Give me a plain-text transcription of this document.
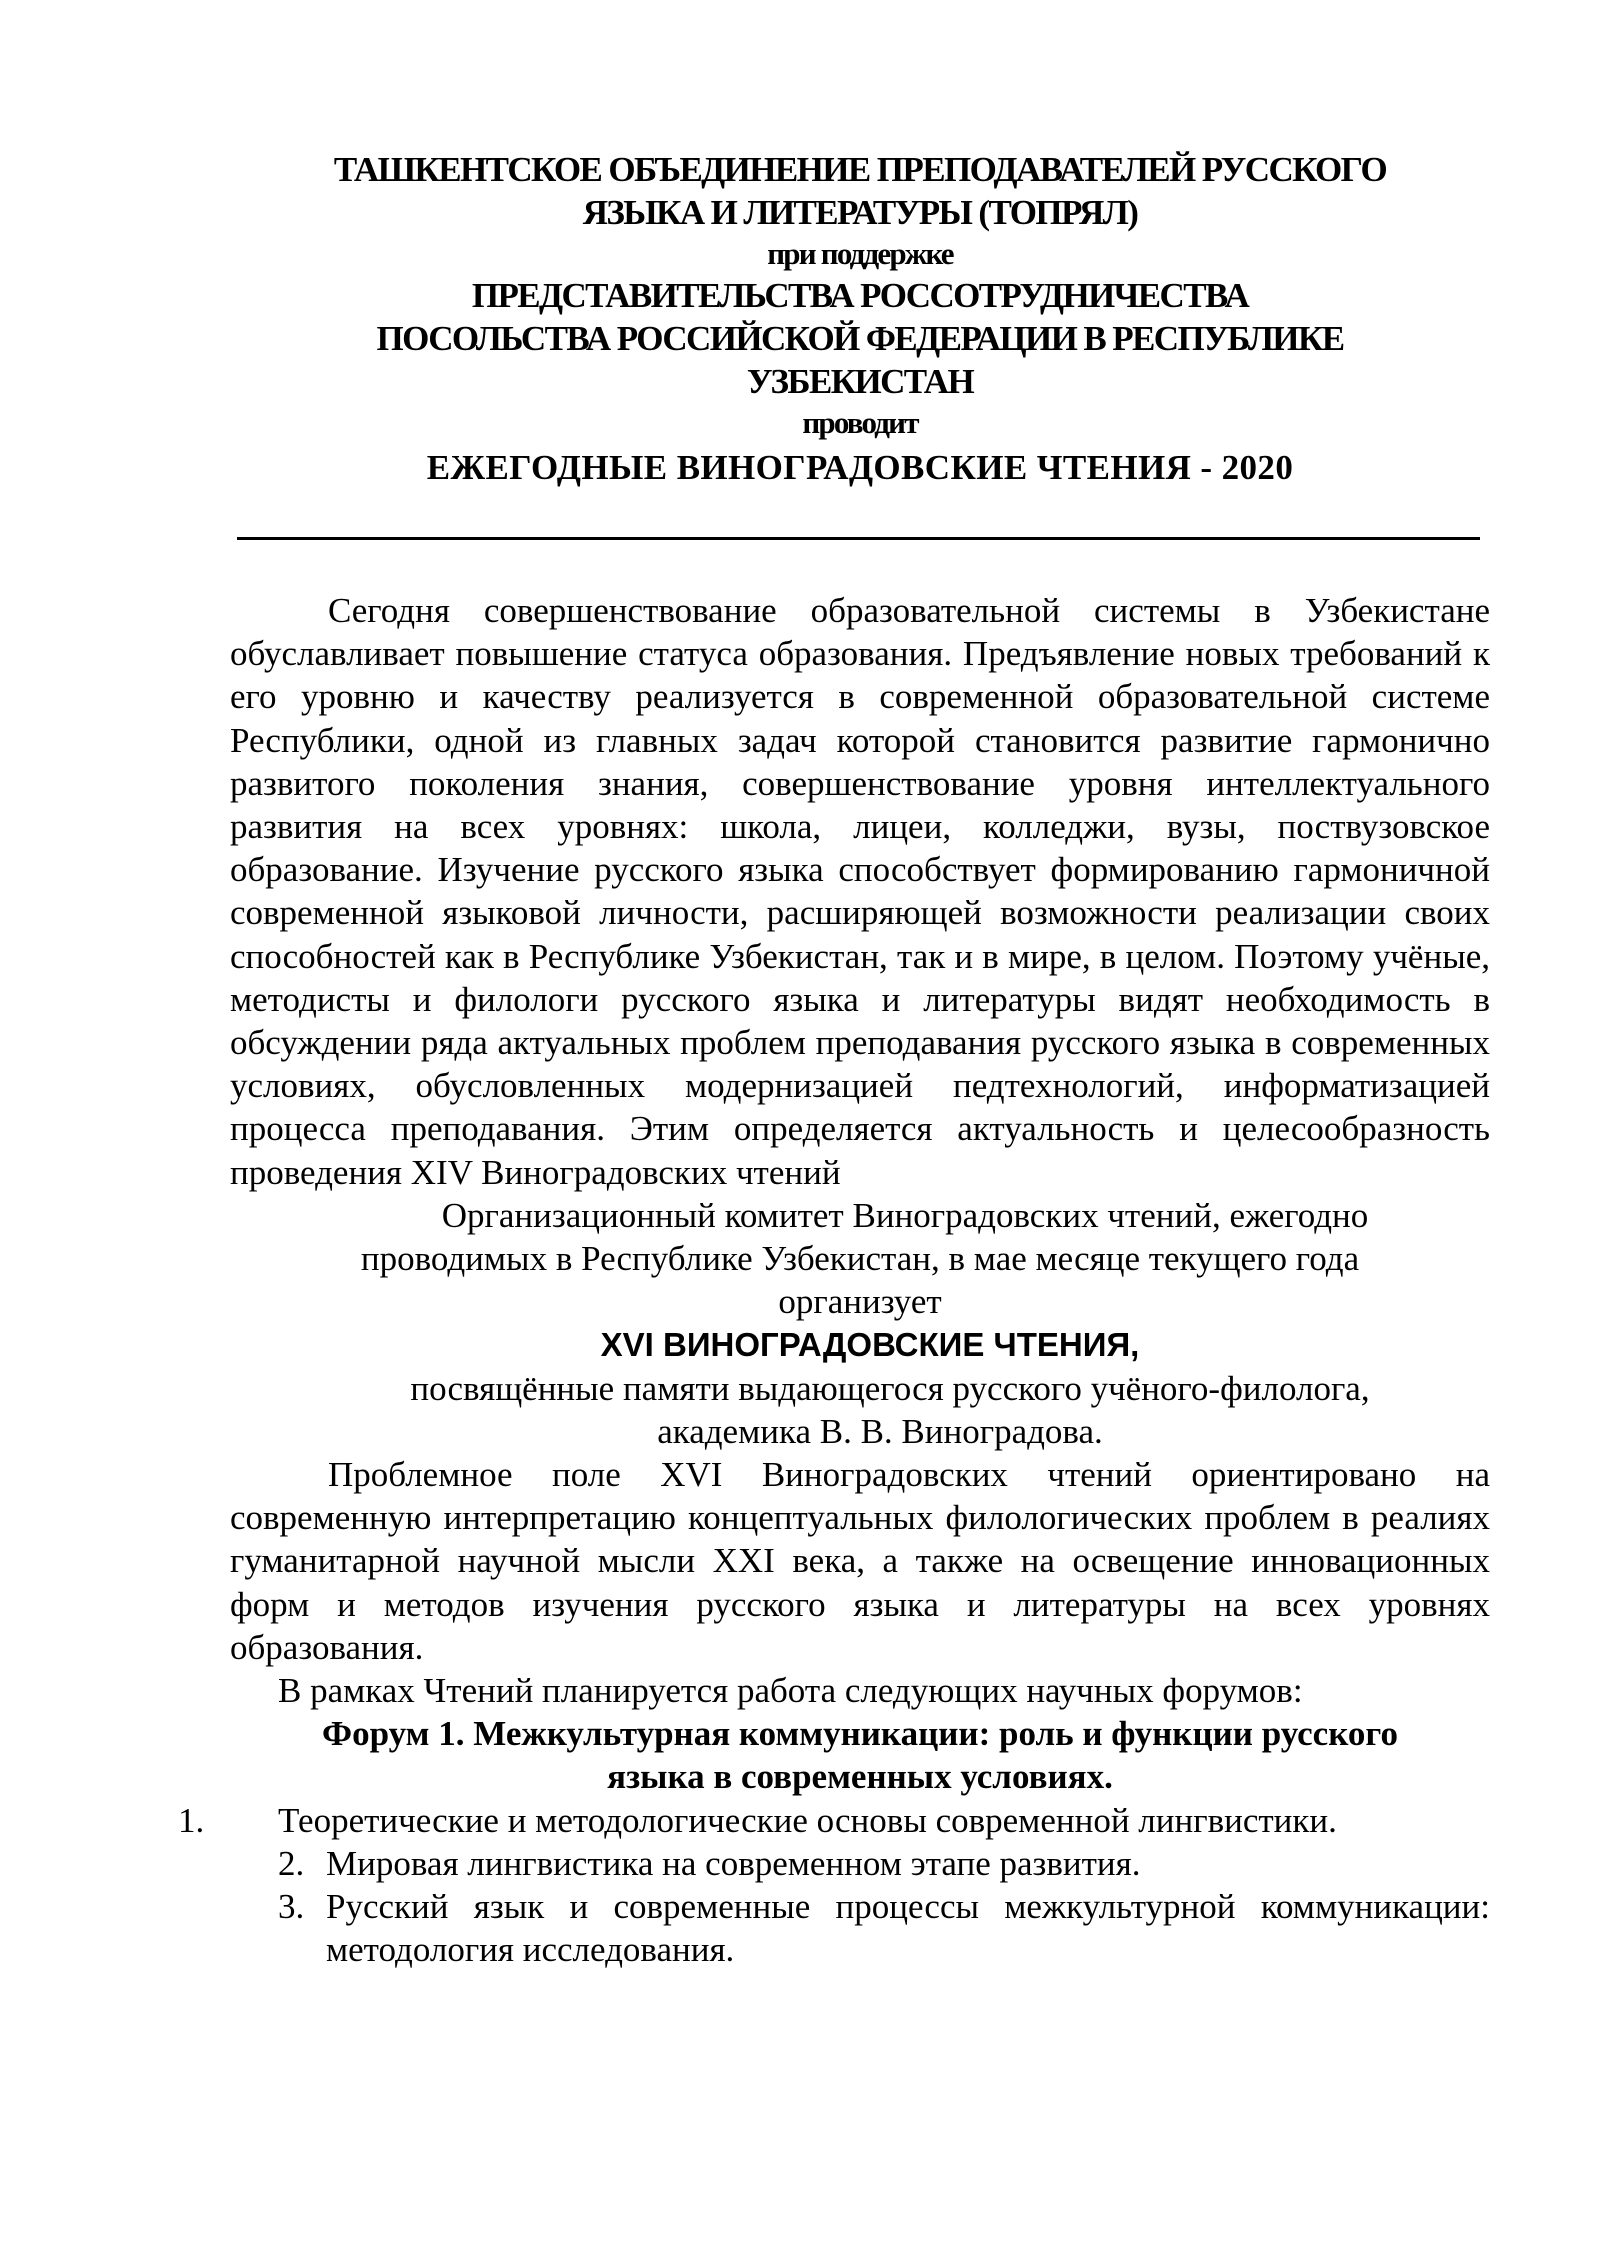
ТАШКЕНТСКОЕ ОБЪЕДИНЕНИЕ ПРЕПОДАВАТЕЛЕЙ РУССКОГО
ЯЗЫКА И ЛИТЕРАТУРЫ (ТОПРЯЛ)
при поддержке
ПРЕДСТАВИТЕЛЬСТВА РОССОТРУДНИЧЕСТВА
ПОСОЛЬСТВА РОССИЙСКОЙ ФЕДЕРАЦИИ В РЕСПУБЛИКЕ
УЗБЕКИСТАН
проводит
ЕЖЕГОДНЫЕ ВИНОГРАДОВСКИЕ ЧТЕНИЯ - 2020

Сегодня совершенствование образовательной системы в Узбекистане обуславливает повышение статуса образования. Предъявление новых требований к его уровню и качеству реализуется в современной образовательной системе Республики, одной из главных задач которой становится развитие гармонично развитого поколения знания, совершенствование уровня интеллектуального развития на всех уровнях: школа, лицеи, колледжи, вузы, поствузовское образование. Изучение русского языка способствует формированию гармоничной современной языковой личности, расширяющей возможности реализации своих способностей как в Республике Узбекистан, так и в мире, в целом. Поэтому учёные, методисты и филологи русского языка и литературы видят необходимость в обсуждении ряда актуальных проблем преподавания русского языка в современных условиях, обусловленных модернизацией педтехнологий, информатизацией процесса преподавания. Этим определяется актуальность и целесообразность проведения XIV Виноградовских чтений

Организационный комитет Виноградовских чтений, ежегодно

проводимых в Республике Узбекистан, в мае месяце текущего года

организует

XVI ВИНОГРАДОВСКИЕ ЧТЕНИЯ,

посвящённые памяти выдающегося русского учёного-филолога,

академика В. В. Виноградова.

Проблемное поле XVI Виноградовских чтений ориентировано на современную интерпретацию концептуальных филологических проблем в реалиях гуманитарной научной мысли XXI века, а также на освещение инновационных форм и методов изучения русского языка и литературы на всех уровнях образования.

В рамках Чтений планируется работа следующих научных форумов:

Форум 1. Межкультурная коммуникации: роль и функции русского

языка в современных условиях.

1.	Теоретические и методологические основы современной лингвистики.
2. Мировая лингвистика на современном этапе развития.
3. Русский язык и современные процессы межкультурной коммуникации: методология исследования.
